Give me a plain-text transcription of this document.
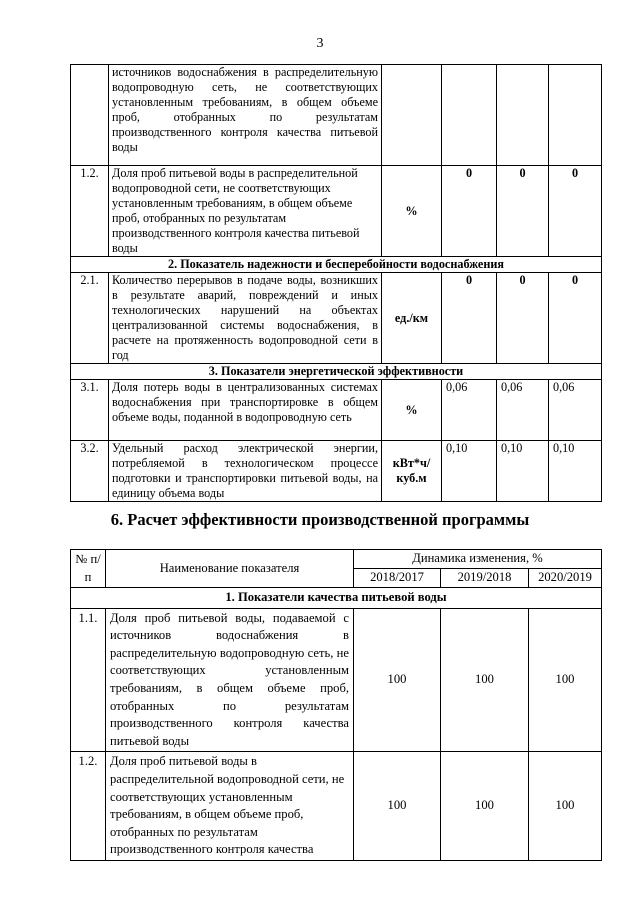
3
	источников водоснабжения в распределительную водопроводную сеть, не соответствующих установленным требованиям, в общем объеме проб, отобранных по результатам производственного контроля качества питьевой воды				
1.2.	Доля проб питьевой воды в распределительной водопроводной сети, не соответствующих установленным требованиям, в общем объеме проб, отобранных по результатам производственного контроля качества питьевой воды	%	0	0	0
2. Показатель надежности и бесперебойности водоснабжения					
2.1.	Количество перерывов в подаче воды, возникших в результате аварий, повреждений и иных технологических нарушений на объектах централизованной системы водоснабжения, в расчете на протяженность водопроводной сети в год	ед./км	0	0	0
3. Показатели энергетической эффективности					
3.1.	Доля потерь воды в централизованных системах водоснабжения при транспортировке в общем объеме воды, поданной в водопроводную сеть	%	0,06	0,06	0,06
3.2.	Удельный расход электрической энергии, потребляемой в технологическом процессе подготовки и транспортировки питьевой воды, на единицу объема воды	кВт*ч/ куб.м	0,10	0,10	0,10
6. Расчет эффективности производственной программы
№ п/п	Наименование показателя	Динамика изменения, %		
		2018/2017	2019/2018	2020/2019
1. Показатели качества питьевой воды				
1.1.	Доля проб питьевой воды, подаваемой с источников водоснабжения в распределительную водопроводную сеть, не соответствующих установленным требованиям, в общем объеме проб, отобранных по результатам производственного контроля качества питьевой воды	100	100	100
1.2.	Доля проб питьевой воды в распределительной водопроводной сети, не соответствующих установленным требованиям, в общем объеме проб, отобранных по результатам производственного контроля качества	100	100	100
